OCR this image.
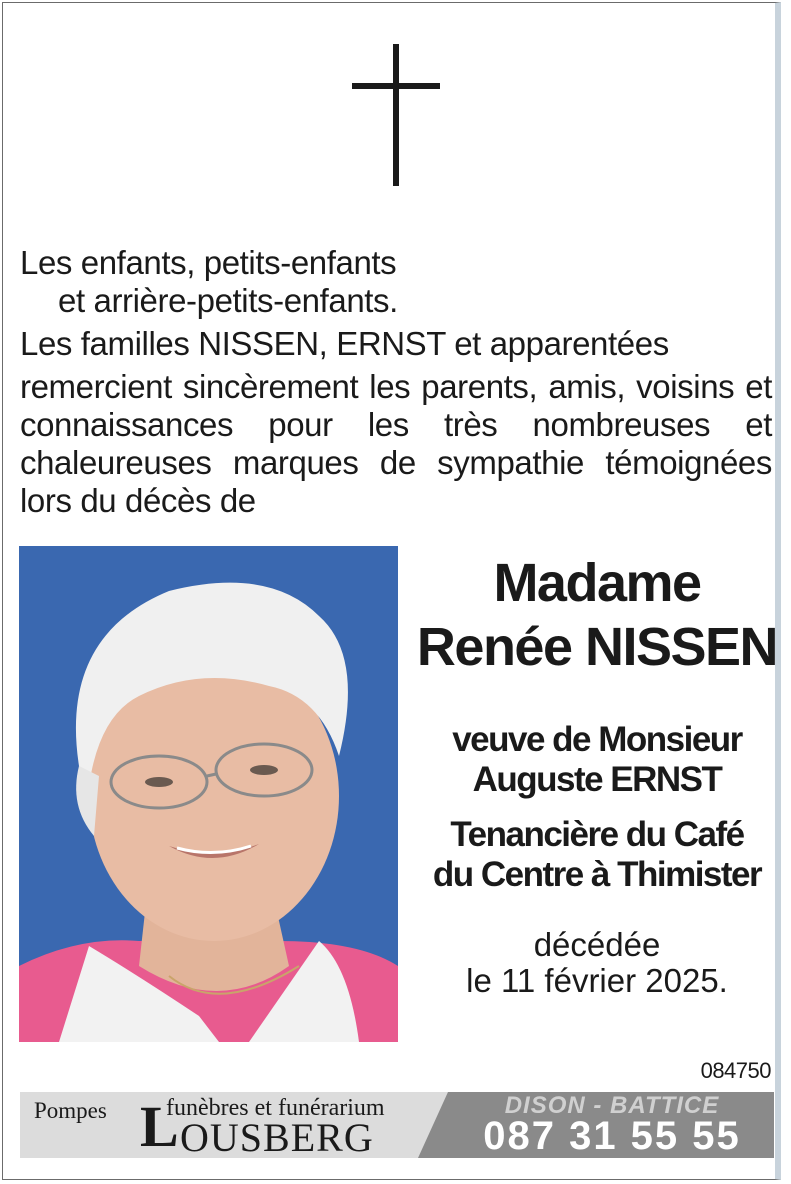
Les enfants, petits-enfants
et arrière-petits-enfants.
Les familles NISSEN, ERNST et apparentées
remercient sincèrement les parents, amis, voisins et connaissances pour les très nombreuses et chaleureuses marques de sympathie témoignées lors du décès de
Madame
Renée NISSEN
veuve de Monsieur
Auguste ERNST
Tenancière du Café
du Centre à Thimister
décédée
le 11 février 2025.
084750
Pompes funèbres et funérarium
L OUSBERG
DISON - BATTICE
087 31 55 55
